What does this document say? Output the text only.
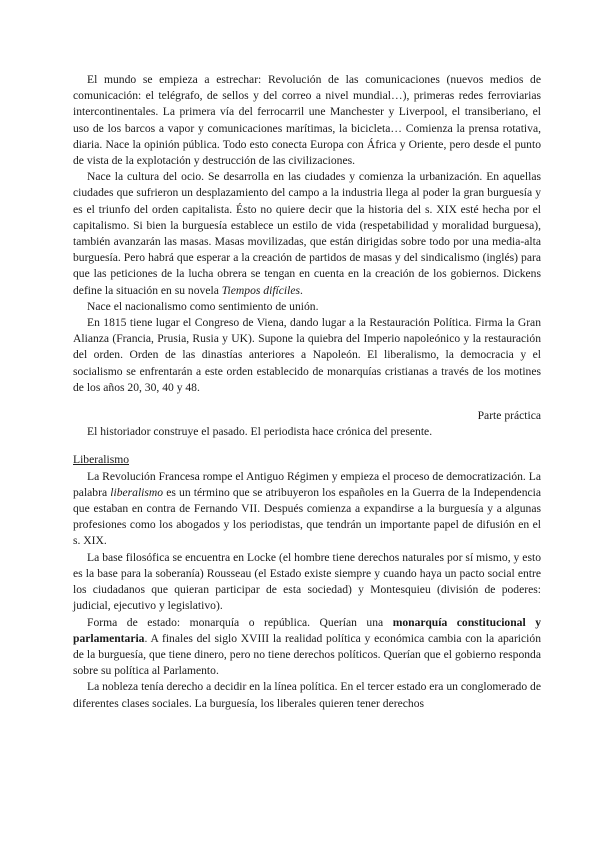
El mundo se empieza a estrechar: Revolución de las comunicaciones (nuevos medios de comunicación: el telégrafo, de sellos y del correo a nivel mundial…), primeras redes ferroviarias intercontinentales. La primera vía del ferrocarril une Manchester y Liverpool, el transiberiano, el uso de los barcos a vapor y comunicaciones marítimas, la bicicleta… Comienza la prensa rotativa, diaria. Nace la opinión pública. Todo esto conecta Europa con África y Oriente, pero desde el punto de vista de la explotación y destrucción de las civilizaciones.

Nace la cultura del ocio. Se desarrolla en las ciudades y comienza la urbanización. En aquellas ciudades que sufrieron un desplazamiento del campo a la industria llega al poder la gran burguesía y es el triunfo del orden capitalista. Ésto no quiere decir que la historia del s. XIX esté hecha por el capitalismo. Si bien la burguesía establece un estilo de vida (respetabilidad y moralidad burguesa), también avanzarán las masas. Masas movilizadas, que están dirigidas sobre todo por una media-alta burguesía. Pero habrá que esperar a la creación de partidos de masas y del sindicalismo (inglés) para que las peticiones de la lucha obrera se tengan en cuenta en la creación de los gobiernos. Dickens define la situación en su novela Tiempos difíciles.

Nace el nacionalismo como sentimiento de unión.

En 1815 tiene lugar el Congreso de Viena, dando lugar a la Restauración Política. Firma la Gran Alianza (Francia, Prusia, Rusia y UK). Supone la quiebra del Imperio napoleónico y la restauración del orden. Orden de las dinastías anteriores a Napoleón. El liberalismo, la democracia y el socialismo se enfrentarán a este orden establecido de monarquías cristianas a través de los motines de los años 20, 30, 40 y 48.

Parte práctica

El historiador construye el pasado. El periodista hace crónica del presente.

Liberalismo

La Revolución Francesa rompe el Antiguo Régimen y empieza el proceso de democratización. La palabra liberalismo es un término que se atribuyeron los españoles en la Guerra de la Independencia que estaban en contra de Fernando VII. Después comienza a expandirse a la burguesía y a algunas profesiones como los abogados y los periodistas, que tendrán un importante papel de difusión en el s. XIX.

La base filosófica se encuentra en Locke (el hombre tiene derechos naturales por sí mismo, y esto es la base para la soberanía) Rousseau (el Estado existe siempre y cuando haya un pacto social entre los ciudadanos que quieran participar de esta sociedad) y Montesquieu (división de poderes: judicial, ejecutivo y legislativo).

Forma de estado: monarquía o república. Querían una monarquía constitucional y parlamentaria. A finales del siglo XVIII la realidad política y económica cambia con la aparición de la burguesía, que tiene dinero, pero no tiene derechos políticos. Querían que el gobierno responda sobre su política al Parlamento.

La nobleza tenía derecho a decidir en la línea política. En el tercer estado era un conglomerado de diferentes clases sociales. La burguesía, los liberales quieren tener derechos
